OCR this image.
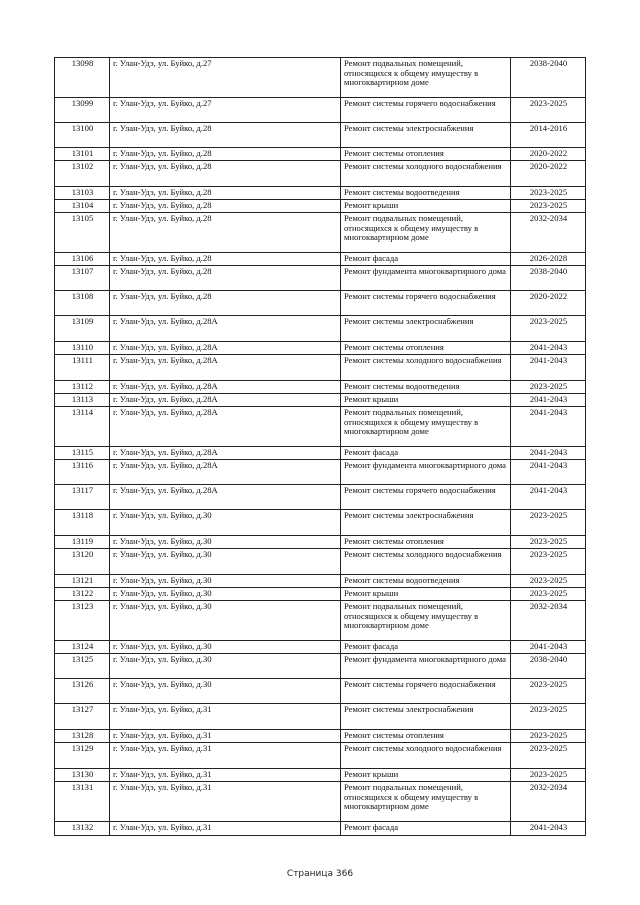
13098	г. Улан-Удэ, ул. Буйко, д.27	Ремонт подвальных помещений, относящихся к общему имуществу в многоквартирном доме	2038-2040
13099	г. Улан-Удэ, ул. Буйко, д.27	Ремонт системы горячего водоснабжения	2023-2025
13100	г. Улан-Удэ, ул. Буйко, д.28	Ремонт системы электроснабжения	2014-2016
13101	г. Улан-Удэ, ул. Буйко, д.28	Ремонт системы отопления	2020-2022
13102	г. Улан-Удэ, ул. Буйко, д.28	Ремонт системы холодного водоснабжения	2020-2022
13103	г. Улан-Удэ, ул. Буйко, д.28	Ремонт системы водоотведения	2023-2025
13104	г. Улан-Удэ, ул. Буйко, д.28	Ремонт крыши	2023-2025
13105	г. Улан-Удэ, ул. Буйко, д.28	Ремонт подвальных помещений, относящихся к общему имуществу в многоквартирном доме	2032-2034
13106	г. Улан-Удэ, ул. Буйко, д.28	Ремонт фасада	2026-2028
13107	г. Улан-Удэ, ул. Буйко, д.28	Ремонт фундамента многоквартирного дома	2038-2040
13108	г. Улан-Удэ, ул. Буйко, д.28	Ремонт системы горячего водоснабжения	2020-2022
13109	г. Улан-Удэ, ул. Буйко, д.28А	Ремонт системы электроснабжения	2023-2025
13110	г. Улан-Удэ, ул. Буйко, д.28А	Ремонт системы отопления	2041-2043
13111	г. Улан-Удэ, ул. Буйко, д.28А	Ремонт системы холодного водоснабжения	2041-2043
13112	г. Улан-Удэ, ул. Буйко, д.28А	Ремонт системы водоотведения	2023-2025
13113	г. Улан-Удэ, ул. Буйко, д.28А	Ремонт крыши	2041-2043
13114	г. Улан-Удэ, ул. Буйко, д.28А	Ремонт подвальных помещений, относящихся к общему имуществу в многоквартирном доме	2041-2043
13115	г. Улан-Удэ, ул. Буйко, д.28А	Ремонт фасада	2041-2043
13116	г. Улан-Удэ, ул. Буйко, д.28А	Ремонт фундамента многоквартирного дома	2041-2043
13117	г. Улан-Удэ, ул. Буйко, д.28А	Ремонт системы горячего водоснабжения	2041-2043
13118	г. Улан-Удэ, ул. Буйко, д.30	Ремонт системы электроснабжения	2023-2025
13119	г. Улан-Удэ, ул. Буйко, д.30	Ремонт системы отопления	2023-2025
13120	г. Улан-Удэ, ул. Буйко, д.30	Ремонт системы холодного водоснабжения	2023-2025
13121	г. Улан-Удэ, ул. Буйко, д.30	Ремонт системы водоотведения	2023-2025
13122	г. Улан-Удэ, ул. Буйко, д.30	Ремонт крыши	2023-2025
13123	г. Улан-Удэ, ул. Буйко, д.30	Ремонт подвальных помещений, относящихся к общему имуществу в многоквартирном доме	2032-2034
13124	г. Улан-Удэ, ул. Буйко, д.30	Ремонт фасада	2041-2043
13125	г. Улан-Удэ, ул. Буйко, д.30	Ремонт фундамента многоквартирного дома	2038-2040
13126	г. Улан-Удэ, ул. Буйко, д.30	Ремонт системы горячего водоснабжения	2023-2025
13127	г. Улан-Удэ, ул. Буйко, д.31	Ремонт системы электроснабжения	2023-2025
13128	г. Улан-Удэ, ул. Буйко, д.31	Ремонт системы отопления	2023-2025
13129	г. Улан-Удэ, ул. Буйко, д.31	Ремонт системы холодного водоснабжения	2023-2025
13130	г. Улан-Удэ, ул. Буйко, д.31	Ремонт крыши	2023-2025
13131	г. Улан-Удэ, ул. Буйко, д.31	Ремонт подвальных помещений, относящихся к общему имуществу в многоквартирном доме	2032-2034
13132	г. Улан-Удэ, ул. Буйко, д.31	Ремонт фасада	2041-2043
Страница 366
